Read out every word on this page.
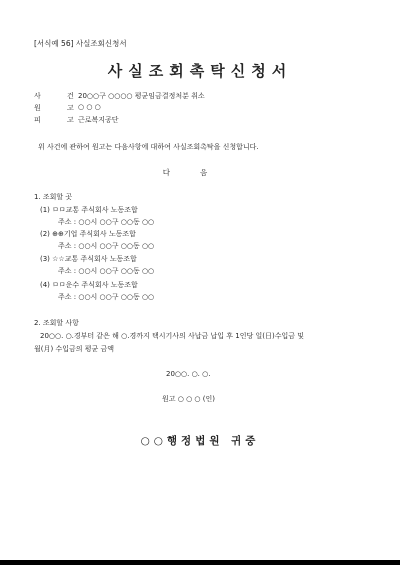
[서식예 56] 사실조회신청서
사실조회촉탁신청서
사 건
20○○구 ○○○○ 평균임금결정처분 취소
원 고
○ ○ ○
피 고
근로복지공단
위 사건에 관하여 원고는 다음사항에 대하여 사실조회촉탁을 신청합니다.
다음
1. 조회할 곳
(1) ㅁㅁ교통 주식회사 노동조합
주소 : ○○시 ○○구 ○○동 ○○
(2) ⊕⊕기업 주식회사 노동조합
주소 : ○○시 ○○구 ○○동 ○○
(3) ☆☆교통 주식회사 노동조합
주소 : ○○시 ○○구 ○○동 ○○
(4) ㅁㅁ운수 주식회사 노동조합
주소 : ○○시 ○○구 ○○동 ○○
2. 조회할 사항
20○○. ○.경부터 같은 해 ○.경까지 택시기사의 사납금 납입 후 1인당 일(日)수입금 및
월(月) 수입금의 평균 금액
20○○. ○. ○.
원고 ○ ○ ○ (인)
○○행정법원 귀중
